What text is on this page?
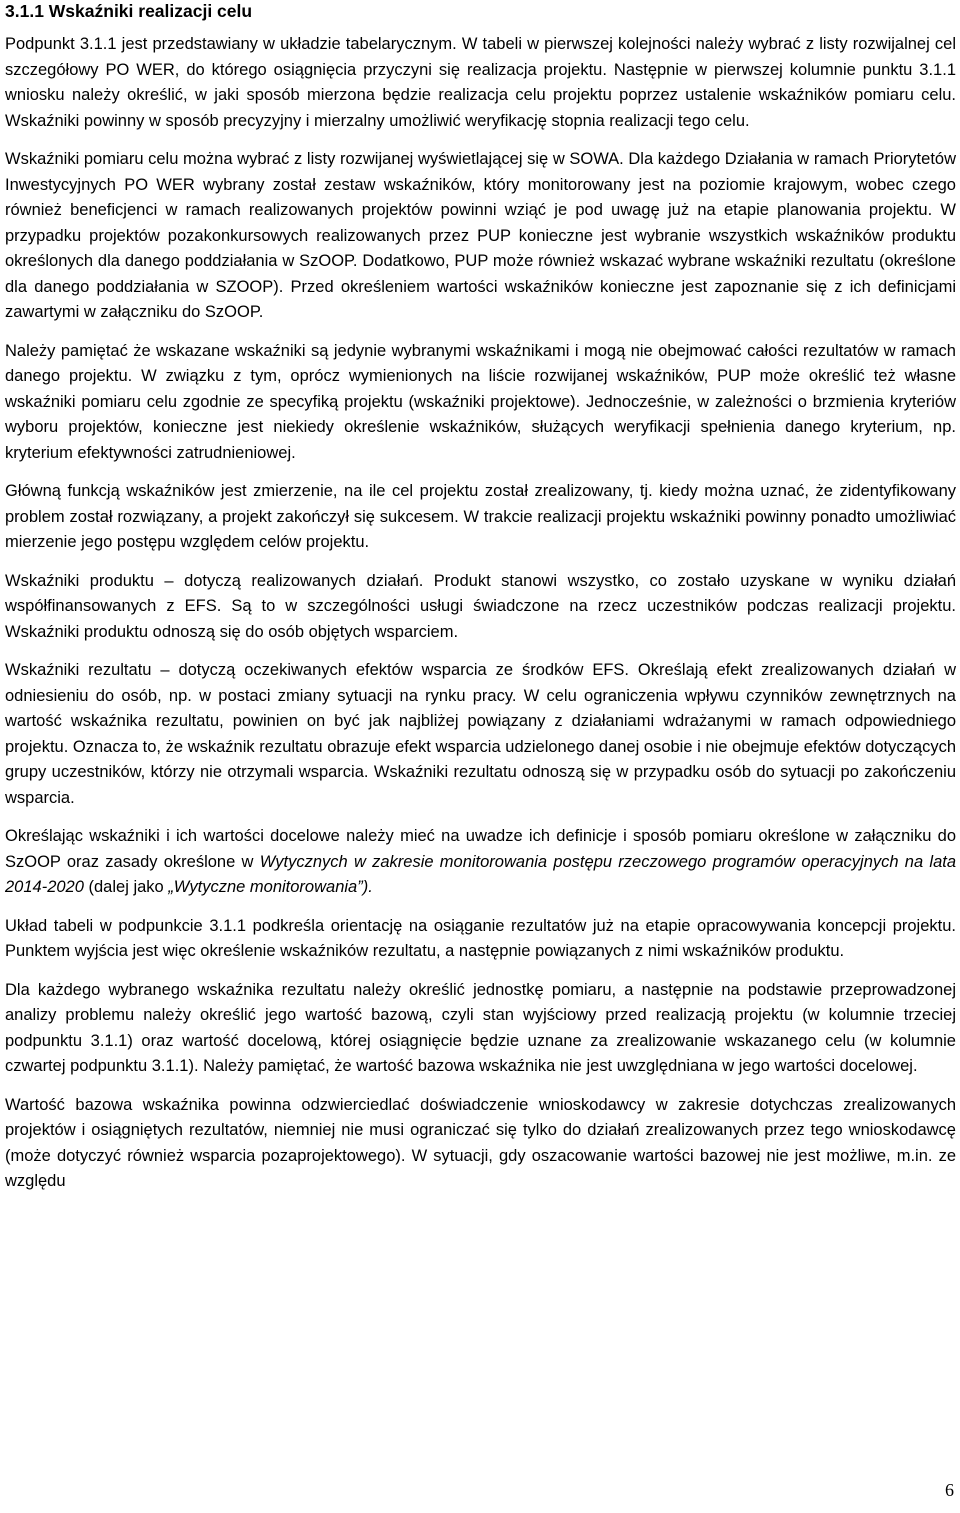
3.1.1 Wskaźniki realizacji celu

Podpunkt 3.1.1 jest przedstawiany w układzie tabelarycznym. W tabeli w pierwszej kolejności należy wybrać z listy rozwijalnej cel szczegółowy PO WER, do którego osiągnięcia przyczyni się realizacja projektu. Następnie w pierwszej kolumnie punktu 3.1.1 wniosku należy określić, w jaki sposób mierzona będzie realizacja celu projektu poprzez ustalenie wskaźników pomiaru celu. Wskaźniki powinny w sposób precyzyjny i mierzalny umożliwić weryfikację stopnia realizacji tego celu.

Wskaźniki pomiaru celu można wybrać z listy rozwijanej wyświetlającej się w SOWA. Dla każdego Działania w ramach Priorytetów Inwestycyjnych PO WER wybrany został zestaw wskaźników, który monitorowany jest na poziomie krajowym, wobec czego również beneficjenci w ramach realizowanych projektów powinni wziąć je pod uwagę już na etapie planowania projektu. W przypadku projektów pozakonkursowych realizowanych przez PUP konieczne jest wybranie wszystkich wskaźników produktu określonych dla danego poddziałania w SzOOP. Dodatkowo, PUP może również wskazać wybrane wskaźniki rezultatu (określone dla danego poddziałania w SZOOP). Przed określeniem wartości wskaźników konieczne jest zapoznanie się z ich definicjami zawartymi w załączniku do SzOOP.

Należy pamiętać że wskazane wskaźniki są jedynie wybranymi wskaźnikami i mogą nie obejmować całości rezultatów w ramach danego projektu. W związku z tym, oprócz wymienionych na liście rozwijanej wskaźników, PUP może określić też własne wskaźniki pomiaru celu zgodnie ze specyfiką projektu (wskaźniki projektowe). Jednocześnie, w zależności o brzmienia kryteriów wyboru projektów, konieczne jest niekiedy określenie wskaźników, służących weryfikacji spełnienia danego kryterium, np. kryterium efektywności zatrudnieniowej.

Główną funkcją wskaźników jest zmierzenie, na ile cel projektu został zrealizowany, tj. kiedy można uznać, że zidentyfikowany problem został rozwiązany, a projekt zakończył się sukcesem. W trakcie realizacji projektu wskaźniki powinny ponadto umożliwiać mierzenie jego postępu względem celów projektu.

Wskaźniki produktu – dotyczą realizowanych działań. Produkt stanowi wszystko, co zostało uzyskane w wyniku działań współfinansowanych z EFS. Są to w szczególności usługi świadczone na rzecz uczestników podczas realizacji projektu. Wskaźniki produktu odnoszą się do osób objętych wsparciem.

Wskaźniki rezultatu – dotyczą oczekiwanych efektów wsparcia ze środków EFS. Określają efekt zrealizowanych działań w odniesieniu do osób, np. w postaci zmiany sytuacji na rynku pracy. W celu ograniczenia wpływu czynników zewnętrznych na wartość wskaźnika rezultatu, powinien on być jak najbliżej powiązany z działaniami wdrażanymi w ramach odpowiedniego projektu. Oznacza to, że wskaźnik rezultatu obrazuje efekt wsparcia udzielonego danej osobie i nie obejmuje efektów dotyczących grupy uczestników, którzy nie otrzymali wsparcia. Wskaźniki rezultatu odnoszą się w przypadku osób do sytuacji po zakończeniu wsparcia.

Określając wskaźniki i ich wartości docelowe należy mieć na uwadze ich definicje i sposób pomiaru określone w załączniku do SzOOP oraz zasady określone w Wytycznych w zakresie monitorowania postępu rzeczowego programów operacyjnych na lata 2014-2020 (dalej jako „Wytyczne monitorowania”).

Układ tabeli w podpunkcie 3.1.1 podkreśla orientację na osiąganie rezultatów już na etapie opracowywania koncepcji projektu. Punktem wyjścia jest więc określenie wskaźników rezultatu, a następnie powiązanych z nimi wskaźników produktu.

Dla każdego wybranego wskaźnika rezultatu należy określić jednostkę pomiaru, a następnie na podstawie przeprowadzonej analizy problemu należy określić jego wartość bazową, czyli stan wyjściowy przed realizacją projektu (w kolumnie trzeciej podpunktu 3.1.1) oraz wartość docelową, której osiągnięcie będzie uznane za zrealizowanie wskazanego celu (w kolumnie czwartej podpunktu 3.1.1). Należy pamiętać, że wartość bazowa wskaźnika nie jest uwzględniana w jego wartości docelowej.

Wartość bazowa wskaźnika powinna odzwierciedlać doświadczenie wnioskodawcy w zakresie dotychczas zrealizowanych projektów i osiągniętych rezultatów, niemniej nie musi ograniczać się tylko do działań zrealizowanych przez tego wnioskodawcę (może dotyczyć również wsparcia pozaprojektowego). W sytuacji, gdy oszacowanie wartości bazowej nie jest możliwe, m.in. ze względu

6
